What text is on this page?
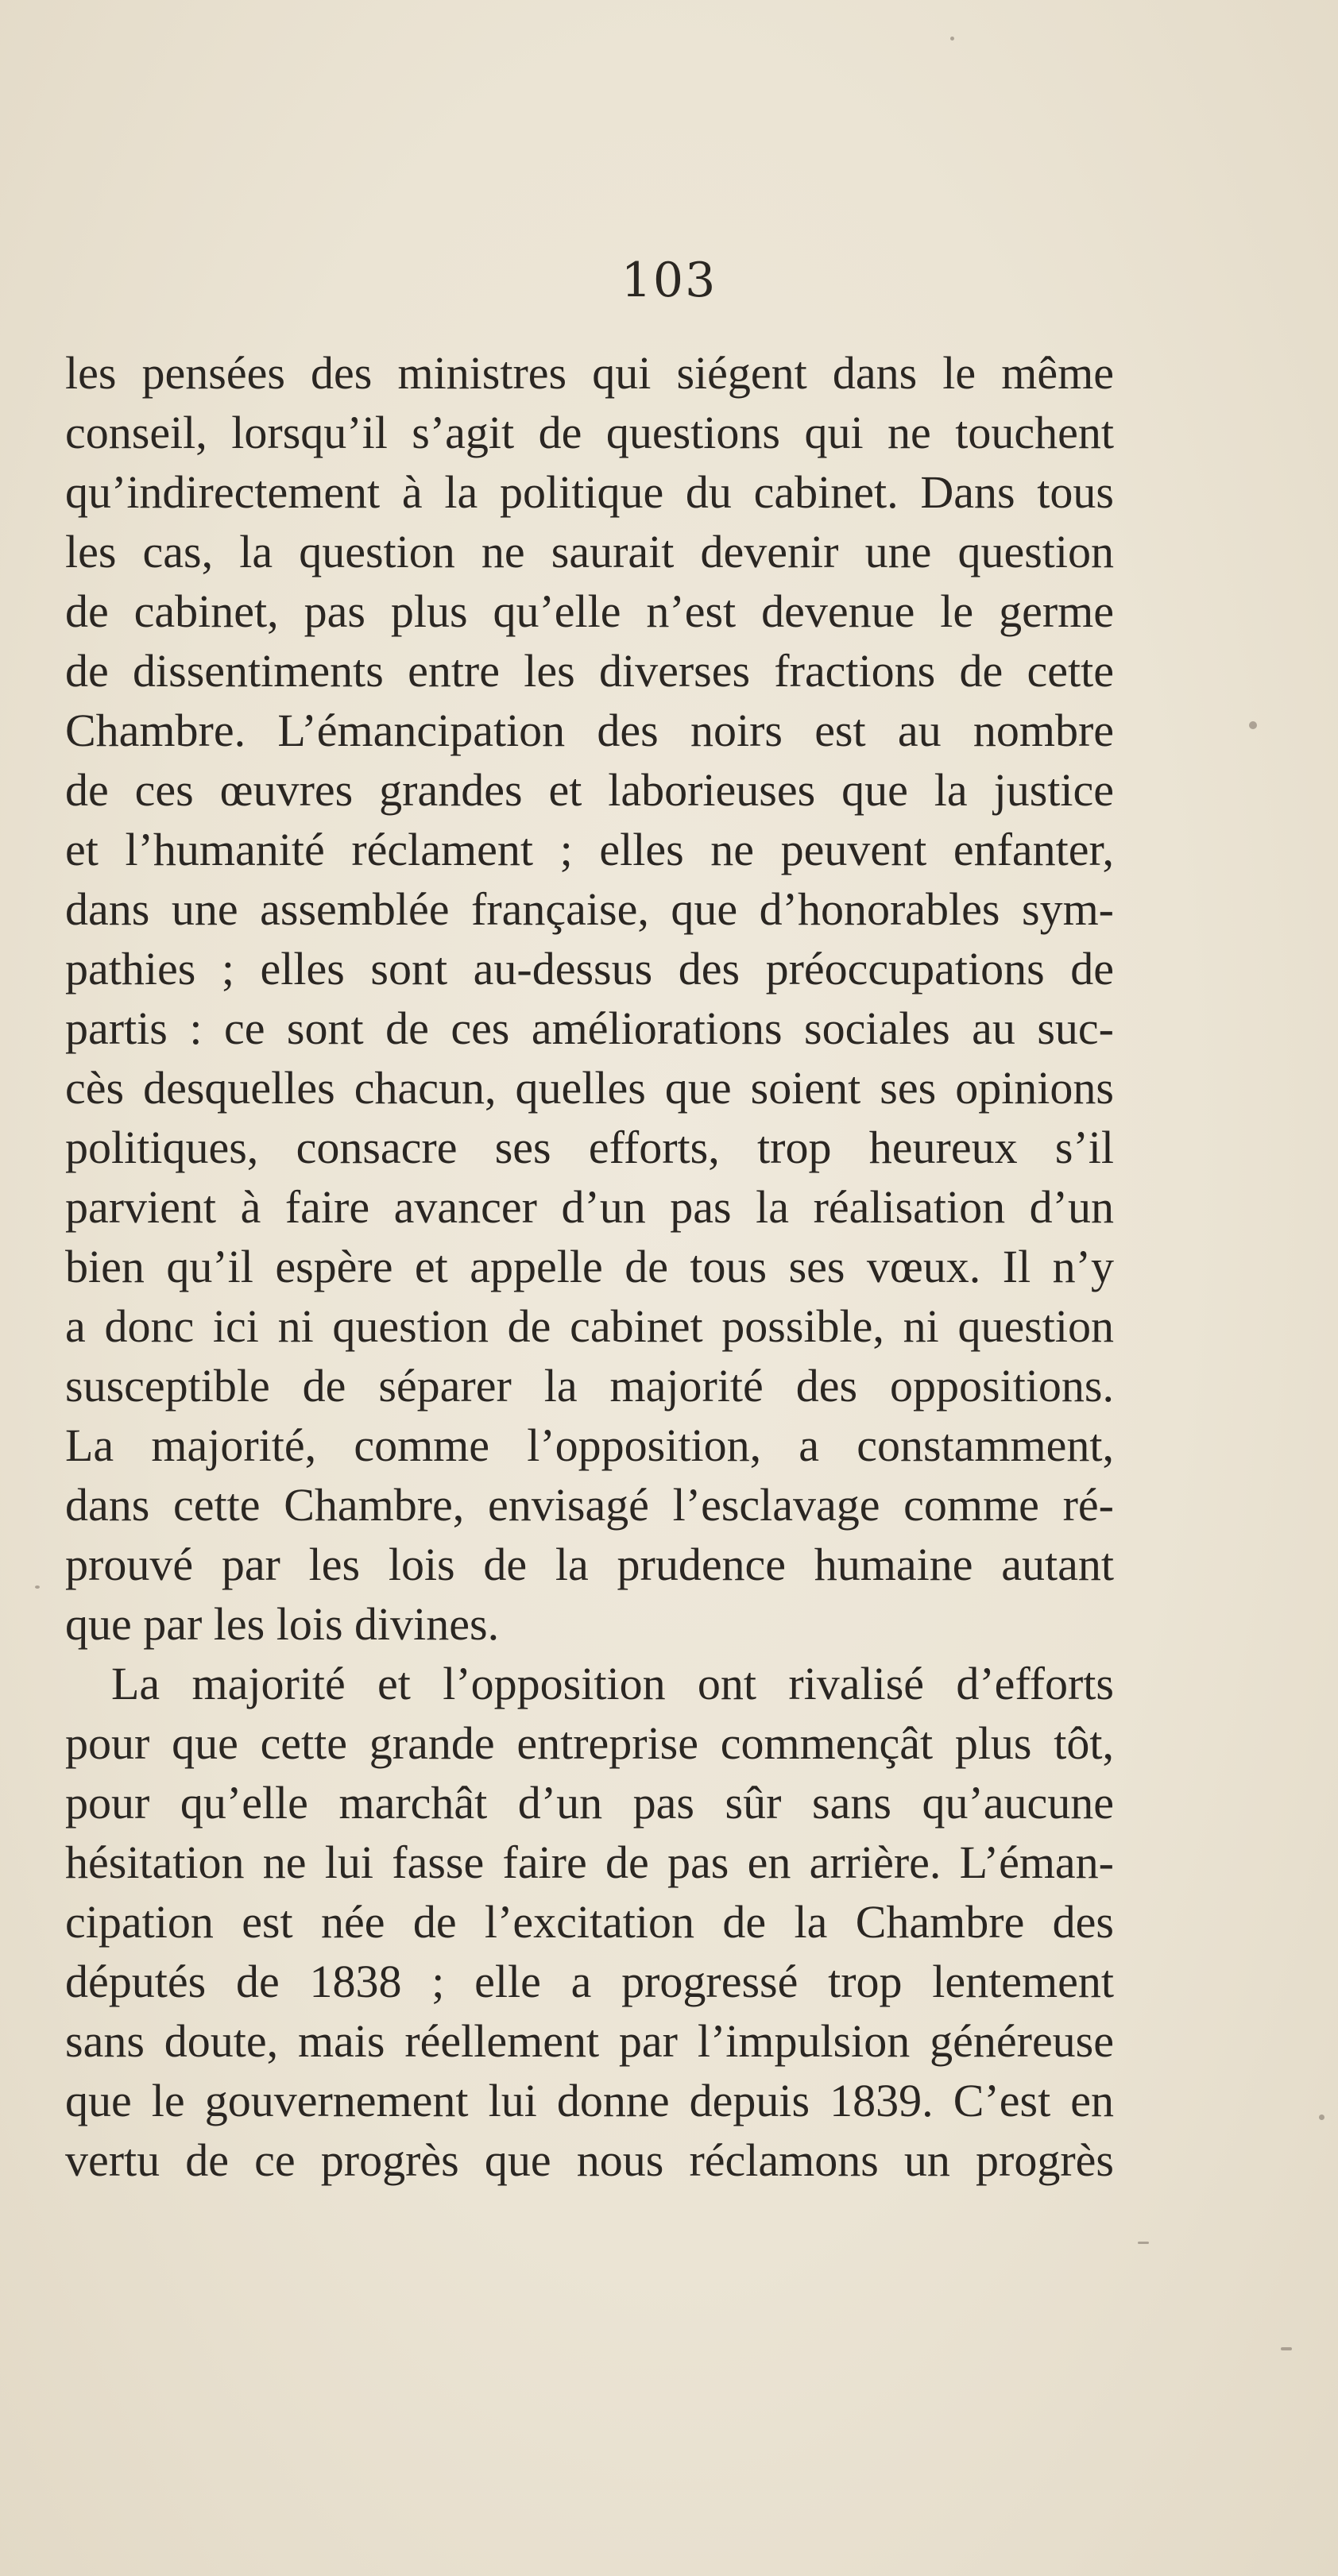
103
les pensées des ministres qui siégent dans le même
conseil, lorsqu’il s’agit de questions qui ne touchent
qu’indirectement à la politique du cabinet. Dans tous
les cas, la question ne saurait devenir une question
de cabinet, pas plus qu’elle n’est devenue le germe
de dissentiments entre les diverses fractions de cette
Chambre. L’émancipation des noirs est au nombre
de ces œuvres grandes et laborieuses que la justice
et l’humanité réclament ; elles ne peuvent enfanter,
dans une assemblée française, que d’honorables sym-
pathies ; elles sont au-dessus des préoccupations de
partis : ce sont de ces améliorations sociales au suc-
cès desquelles chacun, quelles que soient ses opinions
politiques, consacre ses efforts, trop heureux s’il
parvient à faire avancer d’un pas la réalisation d’un
bien qu’il espère et appelle de tous ses vœux. Il n’y
a donc ici ni question de cabinet possible, ni question
susceptible de séparer la majorité des oppositions.
La majorité, comme l’opposition, a constamment,
dans cette Chambre, envisagé l’esclavage comme ré-
prouvé par les lois de la prudence humaine autant
que par les lois divines.
La majorité et l’opposition ont rivalisé d’efforts
pour que cette grande entreprise commençât plus tôt,
pour qu’elle marchât d’un pas sûr sans qu’aucune
hésitation ne lui fasse faire de pas en arrière. L’éman-
cipation est née de l’excitation de la Chambre des
députés de 1838 ; elle a progressé trop lentement
sans doute, mais réellement par l’impulsion généreuse
que le gouvernement lui donne depuis 1839. C’est en
vertu de ce progrès que nous réclamons un progrès
